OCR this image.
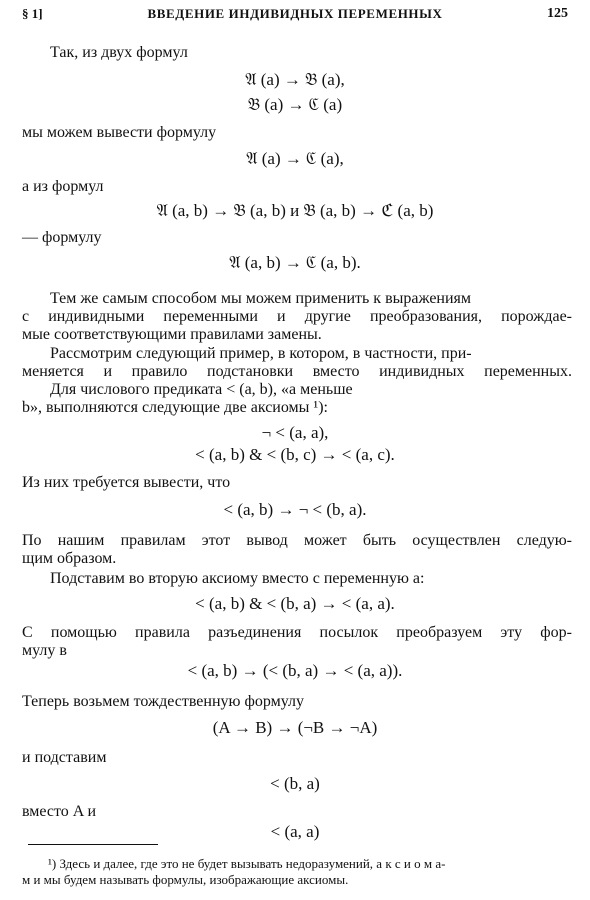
§ 1]	ВВЕДЕНИЕ ИНДИВИДНЫХ ПЕРЕМЕННЫХ	125
Так, из двух формул
𝔄 (a) → 𝔅 (a),
𝔅 (a) → ℭ (a)
мы можем вывести формулу
𝔄 (a) → ℭ (a),
а из формул
𝔄 (a, b) → 𝔅 (a, b) и 𝔅 (a, b) → ℭ (a, b)
— формулу
𝔄 (a, b) → ℭ (a, b).
Тем же самым способом мы можем применить к выражениям
с индивидными переменными и другие преобразования, порождае-
мые соответствующими правилами замены.
Рассмотрим следующий пример, в котором, в частности, при-
меняется и правило подстановки вместо индивидных переменных.
Для числового предиката < (a, b), «a меньше
b», выполняются следующие две аксиомы ¹):
¬ < (a, a),
< (a, b) & < (b, c) → < (a, c).
Из них требуется вывести, что
< (a, b) → ¬ < (b, a).
По нашим правилам этот вывод может быть осуществлен следую-
щим образом.
Подставим во вторую аксиому вместо c переменную a:
< (a, b) & < (b, a) → < (a, a).
С помощью правила разъединения посылок преобразуем эту фор-
мулу в
< (a, b) → (< (b, a) → < (a, a)).
Теперь возьмем тождественную формулу
(A → B) → (¬B → ¬A)
и подставим
< (b, a)
вместо A и
< (a, a)
¹) Здесь и далее, где это не будет вызывать недоразумений, а к с и о м а-
м и мы будем называть формулы, изображающие аксиомы.
